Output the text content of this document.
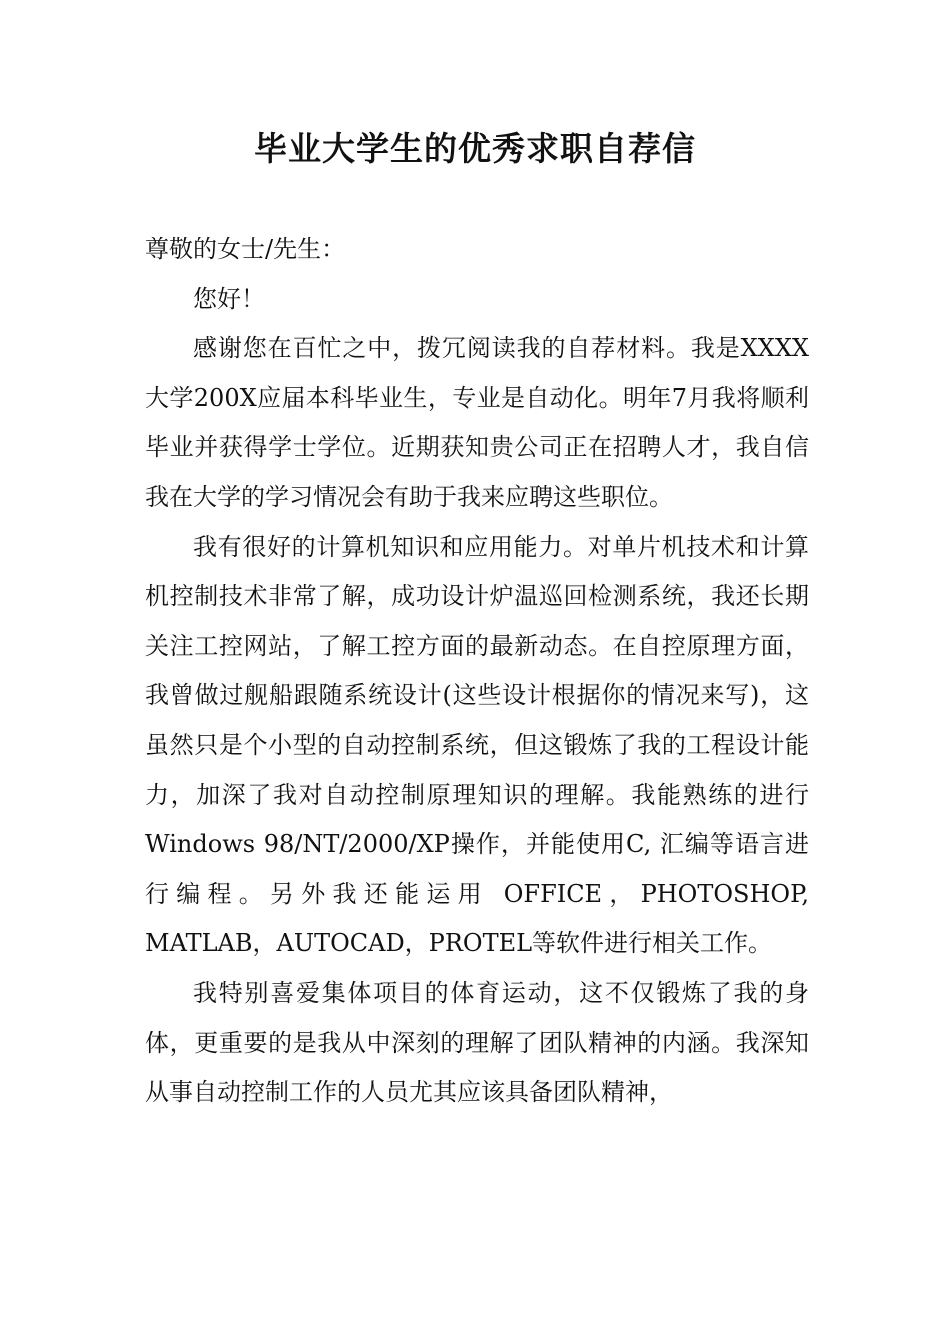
毕业大学生的优秀求职自荐信

尊敬的女士/先生：

您好！

感谢您在百忙之中，拨冗阅读我的自荐材料。我是XXXX大学200X应届本科毕业生，专业是自动化。明年7月我将顺利毕业并获得学士学位。近期获知贵公司正在招聘人才，我自信我在大学的学习情况会有助于我来应聘这些职位。

我有很好的计算机知识和应用能力。对单片机技术和计算机控制技术非常了解，成功设计炉温巡回检测系统，我还长期关注工控网站，了解工控方面的最新动态。在自控原理方面，我曾做过舰船跟随系统设计(这些设计根据你的情况来写)，这虽然只是个小型的自动控制系统，但这锻炼了我的工程设计能力，加深了我对自动控制原理知识的理解。我能熟练的进行Windows 98/NT/2000/XP操作，并能使用C, 汇编等语言进行编程。另外我还能运用 OFFICE，PHOTOSHOP, MATLAB，AUTOCAD，PROTEL等软件进行相关工作。

我特别喜爱集体项目的体育运动，这不仅锻炼了我的身体，更重要的是我从中深刻的理解了团队精神的内涵。我深知从事自动控制工作的人员尤其应该具备团队精神，
